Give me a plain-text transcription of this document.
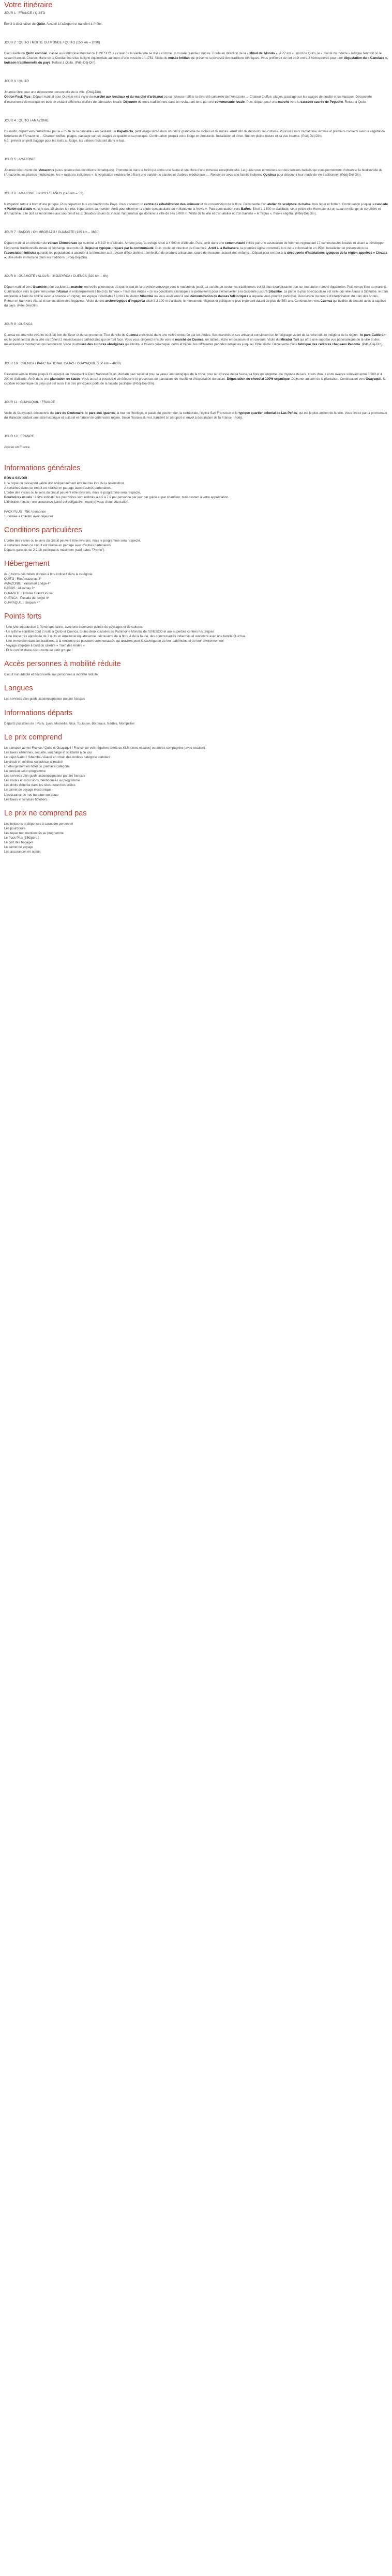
Votre itinéraire
JOUR 1 : FRANCE / QUITO
Envol à destination de Quito. Accueil à l'aéroport et transfert à l'hôtel.
JOUR 2 : QUITO / MOITIE DU MONDE / QUITO (150 km – 2h30)
Découverte du Quito colonial, classé au Patrimoine Mondial de l'UNESCO. Le cœur de la vieille ville se visite comme un musée grandeur nature. Route en direction de la « Mitad del Mundo ». À 22 km au nord de Quito, le « monté du monde » marque l'endroit où le savant français Charles Marie de la Condamine situe la ligne équinoxiale au cours d'une mission en 1751. Visite du musée Intiñan qui présente la diversité des traditions ethniques. Vous profiterez de cet arrêt entre 2 hémisphères pour une dégustation du « Canelazo », boisson traditionnelle du pays. Retour à Quito. (Pdéj-Déj-Dîn).
JOUR 3 : QUITO
Journée libre pour une découverte personnelle de la ville. (Pdéj-Dîn).
Option Pack Plus : Départ matinal pour Otavalo et la visite du marché aux bestiaux et du marché d'artisanat où sa richesse reflète la diversité culturelle de l'Amazonie ... Chateur touffue, plages, passage sur les usages de qualité et sa musique. Découverte d'instruments de musique en bois en visitant différents ateliers de fabrication locale. Déjeuner de mets traditionnels dans un restaurant tenu par une communauté locale. Puis, départ pour une marche vers la cascade sacrée de Peguche. Retour à Quito.
JOUR 4 : QUITO / AMAZONIE
Ce matin, départ vers l'Amazonie par la « route de la cannelle » en passant par Papallacta, petit village lâché dans un décor grandiose de roches et de nature. Arrêt afin de découvrir les cultivés. Poursuite vers l'Amazonie. Arrivée et premiers contacts avec la végétation luxuriante de l'Amazonie ... Chateur touffue, plages, passage sur les usages de qualité et sa musique. Continuation jusqu'à votre lodge en Amazonie. Installation et dîner. Nuit en pleine nature et sa vue intense. (Pdéj-Déj-Dîn).
NB : prévoir un petit bagage pour les nuits au lodge, les valises resteront dans le bus.
JOUR 5 : AMAZONIE
Journée découverte de l'Amazonie (sous réserve des conditions climatiques). Promenade dans la forêt qui abrite une faune et une flore d'une richesse exceptionnelle. Le guide vous emmènera sur des sentiers balisés qui vous permettront d'observer la biodiversité de l'Amazonie, les plantes médicinales, les « maisons indigènes ». la végétation exubérante offrant une variété de plantes et d'arbres médicinaux .... Rencontre avec une famille indienne Quichua pour découvrir leur mode de vie traditionnel. (Pdéj-Déj-Dîn).
JOUR 6 : AMAZONIE / PUYO / BAÑOS (140 km – 5h)
Navigation retour à bord d'une pirogue. Puis départ en bus en direction de Puyo. Vous visiterez un centre de réhabilitation des animaux et de conservation de la flore. Découverte d'un atelier de sculpture du balsa, bois léger et flottant. Continuation jusqu'à la cascade « Pailón del diablo », l'une des 10 chutes les plus importantes au monde ! Arrêt pour observer la chute spectaculaire du « Manto de la Novia ». Puis continuation vers Baños. Situé à 1 800 m d'altitude, cette petite ville thermale est un savant mélange de cordillère et d'Amazonie. Elle doit sa renommée aux sources d'eaux chaudes issues du volcan Tungurahua qui domine la ville de ses 5 000 m. Visite de la ville et d'un atelier où l'on travaille « le Tagua », l'ivoire végétal. (Pdéj-Déj-Dîn).
JOUR 7 : BAÑOS / CHIMBORAZO / GUAMOTE (195 km – 3h30)
Départ matinal en direction du volcan Chimborazo qui culmine à 6 310 m d'altitude. Arrivée jusqu'au refuge situé à 4 800 m d'altitude. Puis, arrêt dans une communauté initiée par une association de femmes regroupant 17 communautés locales et visant à développer l'économie traditionnelle rurale et l'échange interculturel. Déjeuner typique préparé par la communauté. Puis, route en direction de Guamote. Arrêt à la Balbanera, la première église construite lors de la colonisation en 1534. Installation et présentation de l'association Inti/sisa qui aide les populations à accéder à la formation aux travaux d'éco-ateliers : confection de produits artisanaux, cours de musique, accueil des enfants... Départ pour un tour à la découverte d'habitations typiques de la région appelées « Chozas ». Une réelle immersion dans les traditions. (Pdéj-Déj-Dîn).
JOUR 8 : GUAMOTE / ALAUSI / INGAPIRCA / CUENCA (320 km – 6h)
Départ matinal vers Guamote pour assister au marché, merveille pittoresque où tout le sud de la province converge vers le marché du jeudi. La variété de costumes traditionnels est ici plus étourdissante que sur tout autre marché équatorien. Petit temps libre au marché. Continuation vers la gare ferroviaire d'Alausi et embarquement à bord du fameux « Train des Andes » (si les conditions climatiques le permettent) pour s'émerveiller à la descente jusqu'à Sibambe. La partie la plus spectaculaire est celle qui relie Alausí à Sibambe, le train empreinte à flanc de colline avec la science en zigzag, un voyage inoubliable ! Arrêt à la station Sibambe où vous assisterez à une démonstration de danses folkloriques à laquelle vous pourrez participer. Découverte du centre d'interprétation du train des Andes. Retour en train vers Alausí et continuation vers Ingapirca. Visite du site archéologique d'Ingapirca situé à 3 100 m d'altitude, le monument religieux et politique le plus important datant de plus de 500 ans. Continuation vers Cuenca qui rivalise de beauté avec la capitale du pays. (Pdéj-Déj-Dîn).
JOUR 9 : CUENCA
Cuenca est une ville vivante où il fait bon de flâner et de se promener. Tour de ville de Cuenca enrichissé dans une vallée entourée par les Andes. Ses marchés et ses artisanat constituent un témoignage vivant de la riche culture indigène de la région : le parc Calderon est le point central de la ville où trônent 2 majestueuses cathédrales qui se font face. Vous vous dirigerez ensuite vers le marché de Cuenca, un tableau riche en couleurs et en saveurs. Visite du Mirador Turi qui offre une superbe vue panoramique de la ville et des majestueuses montagnes qui l'entourent. Visite du musée des cultures aborigènes qui illustre, à travers céramique, outils et bijoux, les différentes périodes indigènes jusqu'au XVIe siècle. Découverte d'une fabrique des célèbres chapeaux Panama. (Pdéj-Déj-Dîn).
JOUR 10 : CUENCA / PARC NATIONAL CAJAS / GUAYAQUIL (250 km – 4h30)
Descente vers le littoral jusqu'à Guayaquil, en traversant le Parc National Cajas, déclaré parc national pour la valeur archéologique de la zone, pour la richesse de sa faune, sa flore qui englobe une myriade de lacs, cours d'eaux et de rivières s'élevant entre 3 500 et 4 200 m d'altitude. Arrêt dans une plantation de cacao. Vous aurez la possibilité de découvrir le processus de plantation, de récolte et d'exportation du cacao. Dégustation du chocolat 100% organique. Déjeuner au sein de la plantation. Continuation vers Guayaquil, la capitale économique du pays qui est aussi l'un des principaux ports de la façade pacifique. (Pdéj-Déj-Dîn).
JOUR 11 : GUAYAQUIL / FRANCE
Visite de Guayaquil, découverte du parc du Centenaire, le parc aux iguanes, la tour de l'horloge, le palais du gouverneur, la cathédrale, l'église San Francisco et le typique quartier colonial de Las Peñas, qui est le plus ancien de la ville. Vous finirez par la promenade du Malecón bordant une côte historique et culturel et naturel de cette vaste région. Selon l'horaire du vol, transfert à l'aéroport et envol à destination de la France. (Pdéj).
JOUR 12 : FRANCE
Arrivée en France.
Informations générales
BON A SAVOIR
Une copie du passeport valide doit obligatoirement être fournie lors de la réservation.
A certaines dates ce circuit est réalisé en partage avec d'autres partenaires.
L'ordre des visites ou le sens du circuit peuvent être inversés, mais le programme sera respecté.
Pourboires usuels : à titre indicatif, les pourboires sont estimés à 4 € à 7 € par personne par jour par guide et par chauffeur, mais restent à votre appréciation.
L'itinéraire minute : une assurance-santé est obligatoire : muni(e)-vous d'une attestation.

PACK PLUS : 75€ / personne
1 journée à Otavalo avec déjeuner
Conditions particulières
L'ordre des visites ou le sens du circuit peuvent être inversés, mais le programme sera respecté.
A certaines dates ce circuit est réalisé en partage avec d'autres partenaires.
Départs garantis de 2 à 18 participants maximum (sauf dates "Promo").
Hébergement
(NL) Noms des hôtels donnés à titre indicatif dans la catégorie
QUITO : Rio Amazonas 4*
AMAZONIE : Yanamañ Lodge 4*
BAÑOS : Alisamay 3*
GUAMOTE : Intisisa Guest House
CUENCA : Posada del Angel 4*
GUAYAQUIL : Unipark 4*
Points forts
- Une jolie introduction à l'Amérique latine, avec une étonnante palette de paysages et de cultures
- Un rythme équilibré dont 2 nuits à Quito et Cuenca, toutes deux classées au Patrimoine Mondial de l'UNESCO et aux superbes centres historiques
- Une étape très appréciée de 2 nuits en Amazonie équatorienne, découverte de la flore & de la faune, des communautés indiennes et rencontre avec une famille Quichua
- Une immersion dans les traditions, à la rencontre de plusieurs communautés qui œuvrent pour la sauvegarde de leur patrimoine et de leur environnement
- Voyage atypique à bord du célèbre « Train des Andes »
- Et le confort d'une découverte en petit groupe !
Accès personnes à mobilité réduite
Circuit non adapté et déconseillé aux personnes à mobilité réduite.
Langues
Les services d'un guide accompagnateur parlant français
Informations départs
Départs possibles de : Paris, Lyon, Marseille, Nice, Toulouse, Bordeaux, Nantes, Montpellier
Le prix comprend
Le transport aérien France / Quito et Guayaquil / France sur vols réguliers Iberia ou KLM (avec escales) ou autres compagnies (avec escales)
Les taxes aériennes, sécurité, surcharge et solidarité à ce jour
Le trajet Alausí / Sibambe / Alausí en «train des Andes» catégorie standard
Le circuit en minibus ou autocar climatisé
L'hébergement en hôtel de première catégorie
La pension selon programme
Les services d'un guide accompagnateur parlant français
Les visites et excursions mentionnées au programme
Les droits d'entrée dans les sites durant les visites
Le carnet de voyage électronique
L'assistance de nos bureaux sur place
Les taxes et services hôteliers.
Le prix ne comprend pas
Les boissons et dépenses à caractère personnel
Les pourboires
Les repas non mentionnés au programme
Le Pack Plus (75€/pers.)
Le port des bagages
Le carnet de voyage
Les assurances en option
